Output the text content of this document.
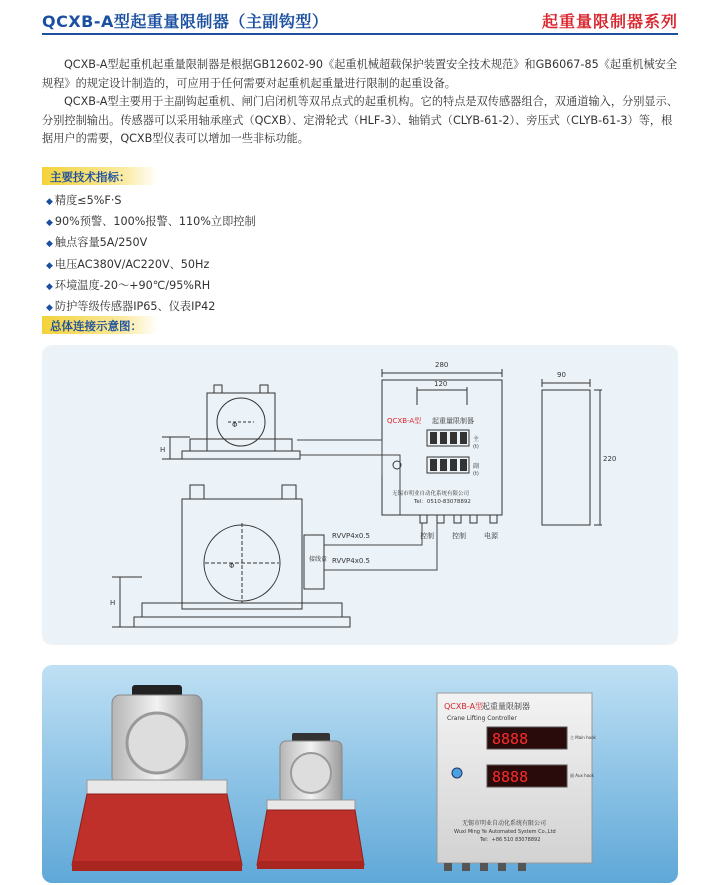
QCXB-A型起重量限制器（主副钩型）	起重量限制器系列

QCXB-A型起重机起重量限制器是根据GB12602-90《起重机械超载保护装置安全技术规范》和GB6067-85《起重机械安全规程》的规定设计制造的，可应用于任何需要对起重机起重量进行限制的起重设备。

QCXB-A型主要用于主副钩起重机、闸门启闭机等双吊点式的起重机构。它的特点是双传感器组合，双通道输入，分别显示、分别控制输出。传感器可以采用轴承座式（QCXB）、定滑轮式（HLF-3）、轴销式（CLYB-61-2）、旁压式（CLYB-61-3）等，根据用户的需要，QCXB型仪表可以增加一些非标功能。

主要技术指标：
◆ 精度≤5%F·S
◆ 90%预警、100%报警、110%立即控制
◆ 触点容量5A/250V
◆ 电压AC380V/AC220V、50Hz
◆ 环境温度-20～+90℃/95%RH
◆ 防护等级传感器IP65、仪表IP42
总体连接示意图：
280
120
90
220
H
H
Φ
Φ
QCXB-A型 起重量限制器
主
(t)
副
(t)
无锡市明业自动化系统有限公司
Tel：0510-83078892
RVVP4x0.5
RVVP4x0.5
接线盒
控制	控制	电源
QCXB-A型
起重量限制器
Crane Lifting Controller
8888	主 Main hook
8888	副 Aux hook
无锡市明业自动化系统有限公司
Wuxi Ming Ye Automated System Co.,Ltd
Tel：+86 510 83078892
